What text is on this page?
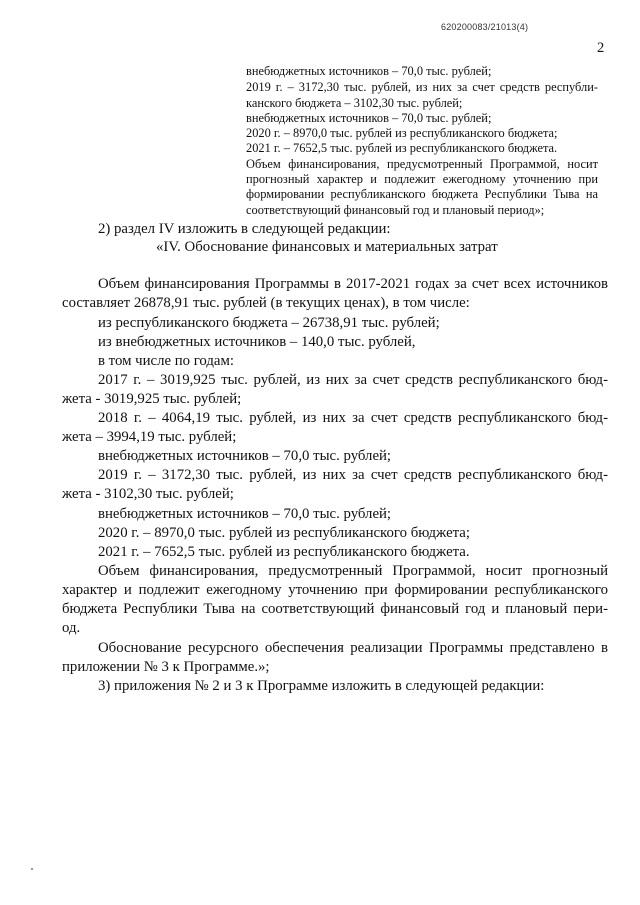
620200083/21013(4)
2
внебюджетных источников – 70,0 тыс. рублей;
2019 г. – 3172,30 тыс. рублей, из них за счет средств республи-
канского бюджета – 3102,30 тыс. рублей;
внебюджетных источников – 70,0 тыс. рублей;
2020 г. – 8970,0 тыс. рублей из республиканского бюджета;
2021 г. – 7652,5 тыс. рублей из республиканского бюджета.
Объем финансирования, предусмотренный Программой, носит
прогнозный характер и подлежит ежегодному уточнению при
формировании республиканского бюджета Республики Тыва на
соответствующий финансовый год и плановый период»;
2) раздел IV изложить в следующей редакции:
«IV. Обоснование финансовых и материальных затрат
Объем финансирования Программы в 2017-2021 годах за счет всех источников
составляет 26878,91 тыс. рублей (в текущих ценах), в том числе:
из республиканского бюджета – 26738,91 тыс. рублей;
из внебюджетных источников – 140,0 тыс. рублей,
в том числе по годам:
2017 г. – 3019,925 тыс. рублей, из них за счет средств республиканского бюд-
жета - 3019,925 тыс. рублей;
2018 г. – 4064,19 тыс. рублей, из них за счет средств республиканского бюд-
жета – 3994,19 тыс. рублей;
внебюджетных источников – 70,0 тыс. рублей;
2019 г. – 3172,30 тыс. рублей, из них за счет средств республиканского бюд-
жета - 3102,30 тыс. рублей;
внебюджетных источников – 70,0 тыс. рублей;
2020 г. – 8970,0 тыс. рублей из республиканского бюджета;
2021 г. – 7652,5 тыс. рублей из республиканского бюджета.
Объем финансирования, предусмотренный Программой, носит прогнозный
характер и подлежит ежегодному уточнению при формировании республиканского
бюджета Республики Тыва на соответствующий финансовый год и плановый пери-
од.
Обоснование ресурсного обеспечения реализации Программы представлено в
приложении № 3 к Программе.»;
3) приложения № 2 и 3 к Программе изложить в следующей редакции:
